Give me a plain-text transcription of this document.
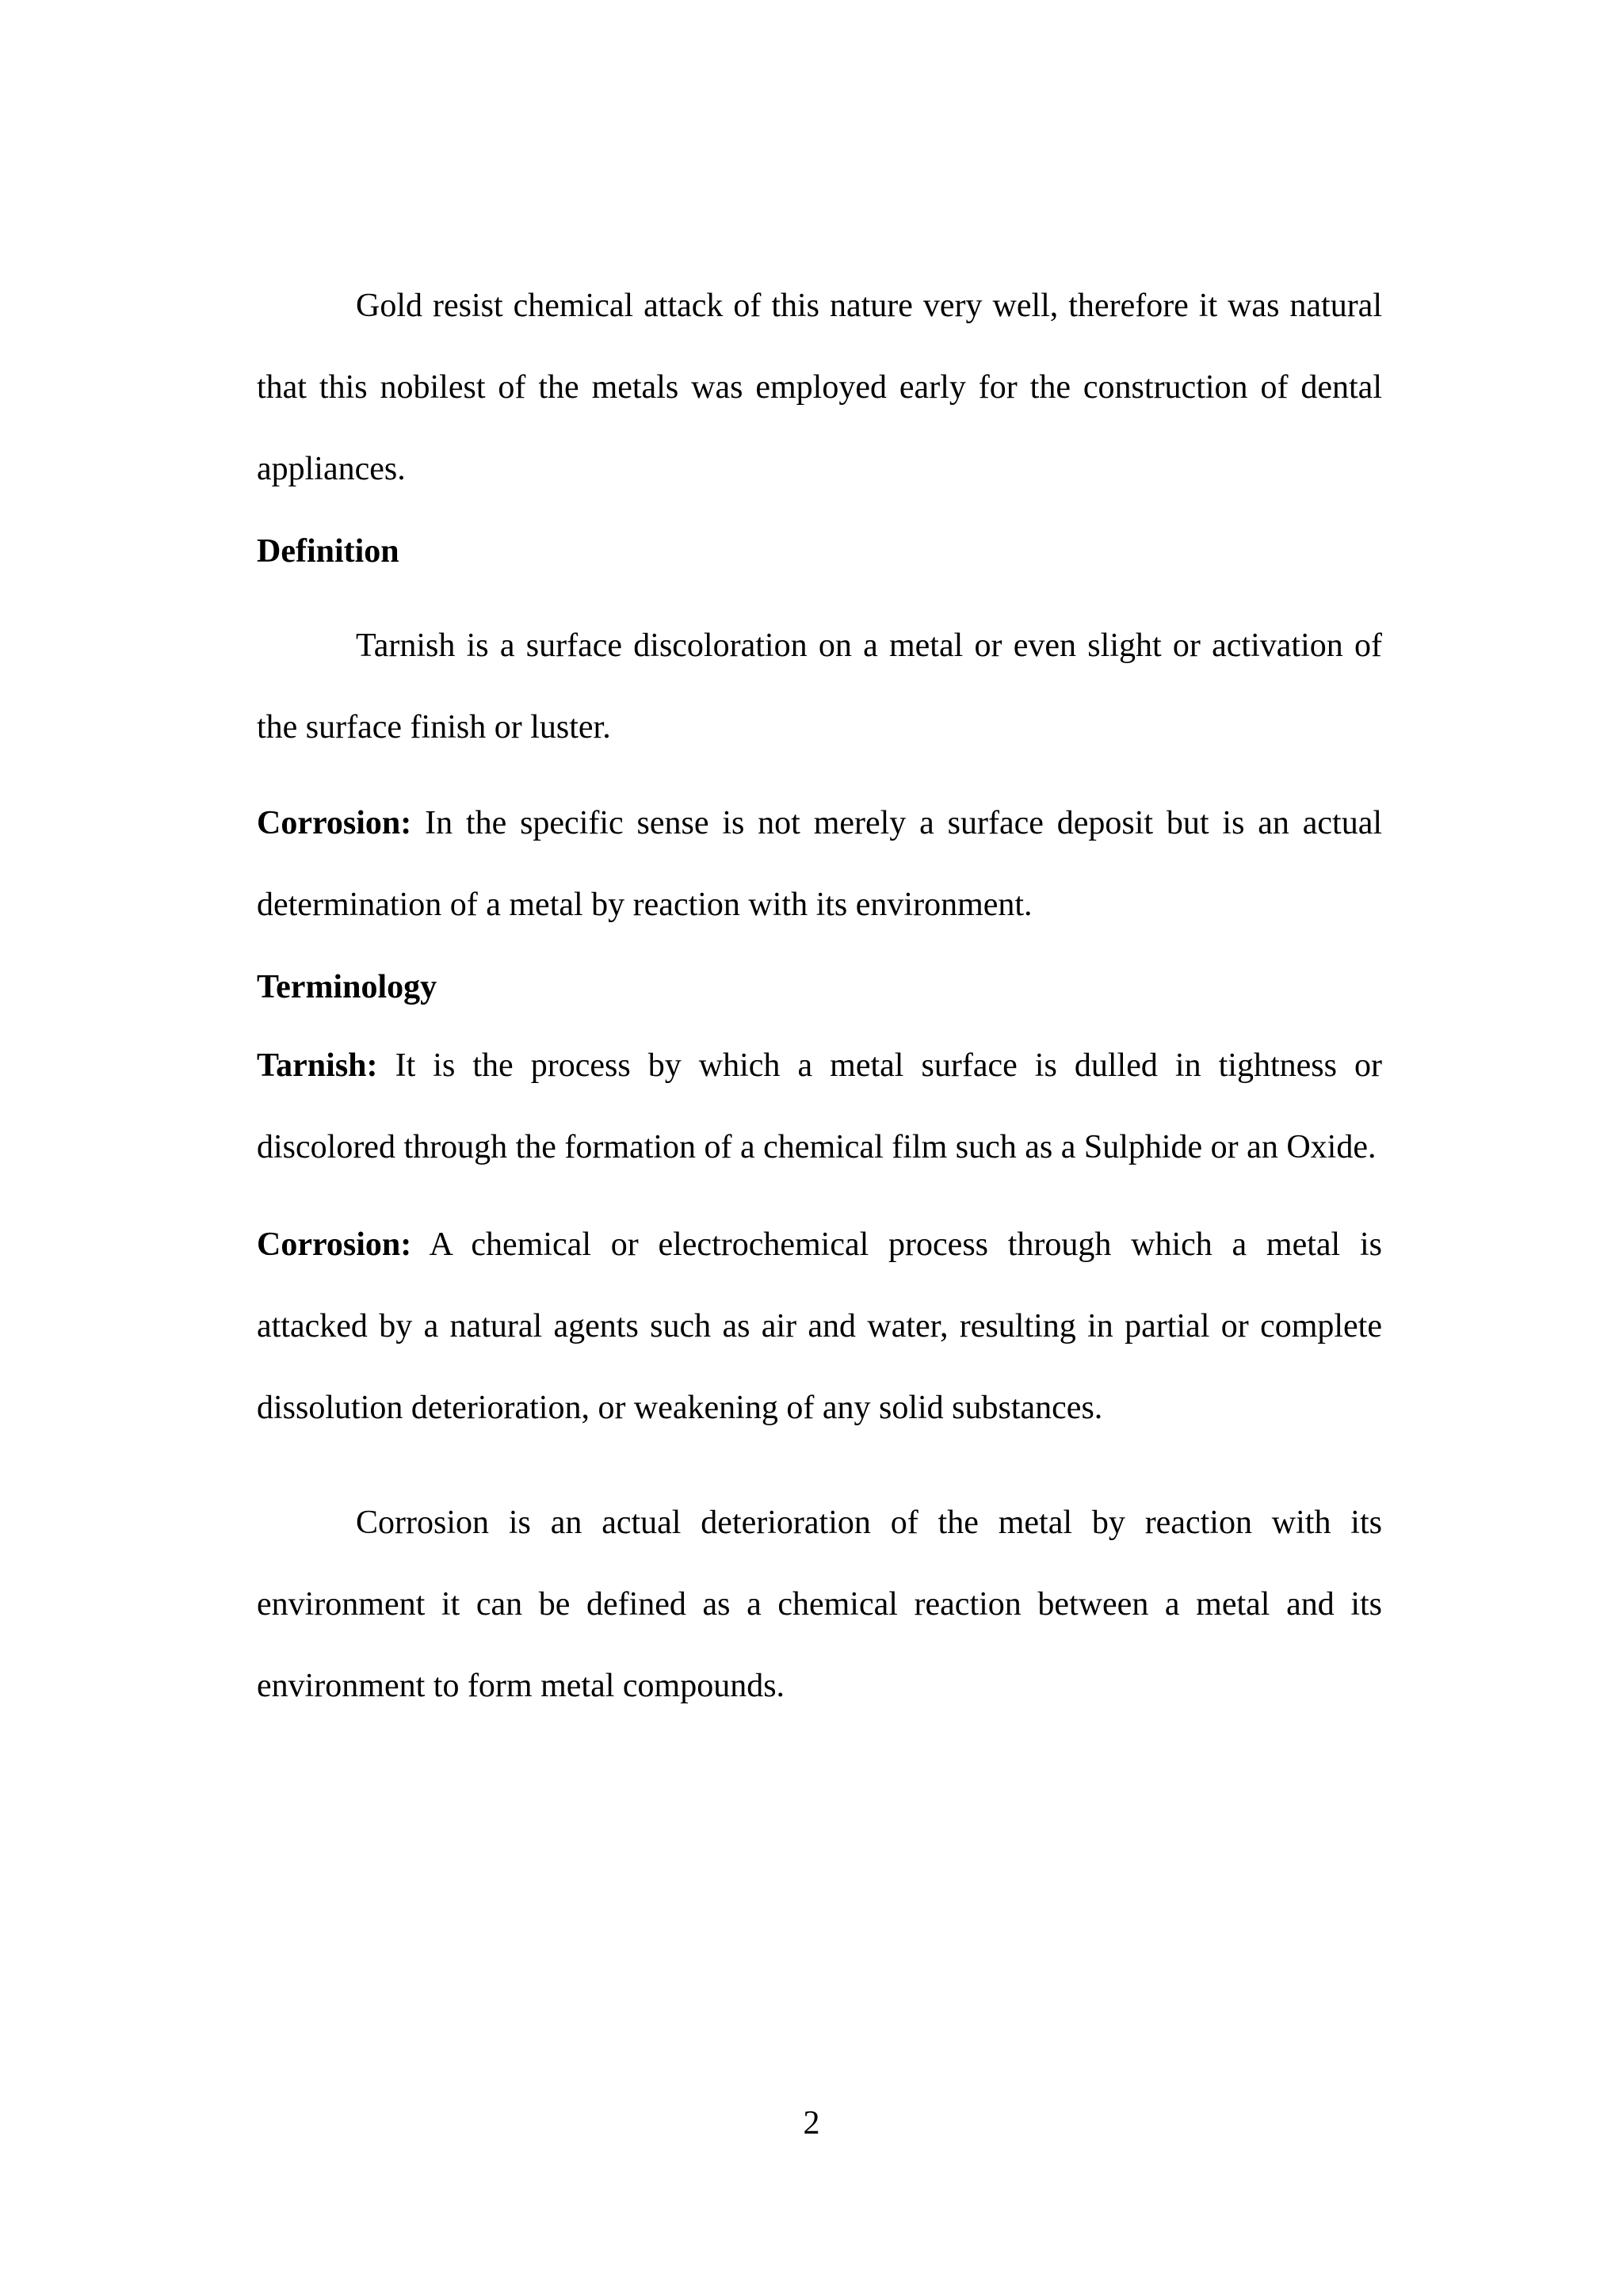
Gold resist chemical attack of this nature very well, therefore it was natural that this nobilest of the metals was employed early for the construction of dental appliances.

Definition

Tarnish is a surface discoloration on a metal or even slight or activation of the surface finish or luster.

Corrosion: In the specific sense is not merely a surface deposit but is an actual determination of a metal by reaction with its environment.

Terminology

Tarnish: It is the process by which a metal surface is dulled in tightness or discolored through the formation of a chemical film such as a Sulphide or an Oxide.

Corrosion: A chemical or electrochemical process through which a metal is attacked by a natural agents such as air and water, resulting in partial or complete dissolution deterioration, or weakening of any solid substances.

Corrosion is an actual deterioration of the metal by reaction with its environment it can be defined as a chemical reaction between a metal and its environment to form metal compounds.

2
